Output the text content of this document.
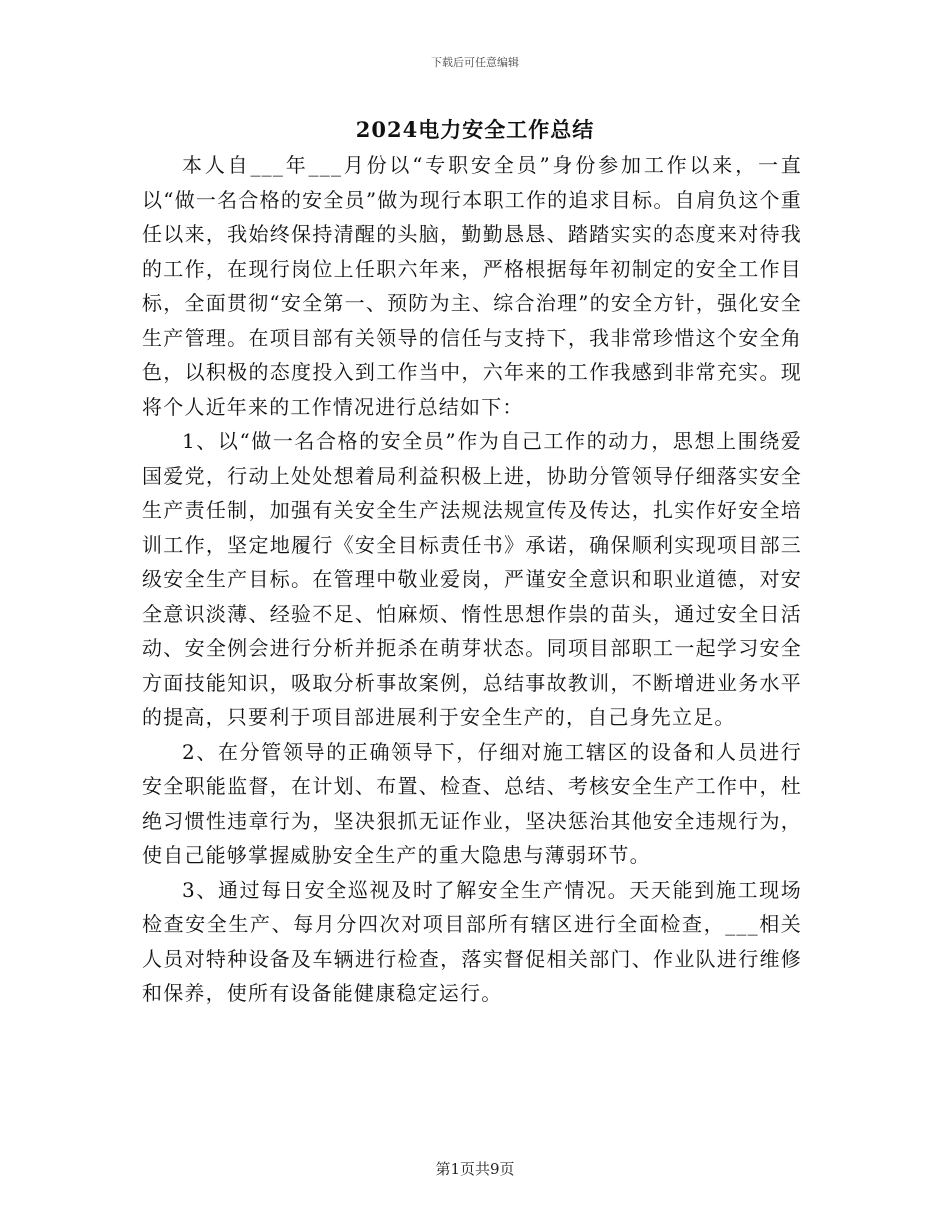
下载后可任意编辑
2024电力安全工作总结

本人自___年___月份以“专职安全员”身份参加工作以来，一直以“做一名合格的安全员”做为现行本职工作的追求目标。自肩负这个重任以来，我始终保持清醒的头脑，勤勤恳恳、踏踏实实的态度来对待我的工作，在现行岗位上任职六年来，严格根据每年初制定的安全工作目标，全面贯彻“安全第一、预防为主、综合治理”的安全方针，强化安全生产管理。在项目部有关领导的信任与支持下，我非常珍惜这个安全角色，以积极的态度投入到工作当中，六年来的工作我感到非常充实。现将个人近年来的工作情况进行总结如下：

1、以“做一名合格的安全员”作为自己工作的动力，思想上围绕爱国爱党，行动上处处想着局利益积极上进，协助分管领导仔细落实安全生产责任制，加强有关安全生产法规法规宣传及传达，扎实作好安全培训工作，坚定地履行《安全目标责任书》承诺，确保顺利实现项目部三级安全生产目标。在管理中敬业爱岗，严谨安全意识和职业道德，对安全意识淡薄、经验不足、怕麻烦、惰性思想作祟的苗头，通过安全日活动、安全例会进行分析并扼杀在萌芽状态。同项目部职工一起学习安全方面技能知识，吸取分析事故案例，总结事故教训，不断增进业务水平的提高，只要利于项目部进展利于安全生产的，自己身先立足。

2、在分管领导的正确领导下，仔细对施工辖区的设备和人员进行安全职能监督，在计划、布置、检查、总结、考核安全生产工作中，杜绝习惯性违章行为，坚决狠抓无证作业，坚决惩治其他安全违规行为，使自己能够掌握威胁安全生产的重大隐患与薄弱环节。

3、通过每日安全巡视及时了解安全生产情况。天天能到施工现场检查安全生产、每月分四次对项目部所有辖区进行全面检查，___相关人员对特种设备及车辆进行检查，落实督促相关部门、作业队进行维修和保养，使所有设备能健康稳定运行。

第1页共9页
